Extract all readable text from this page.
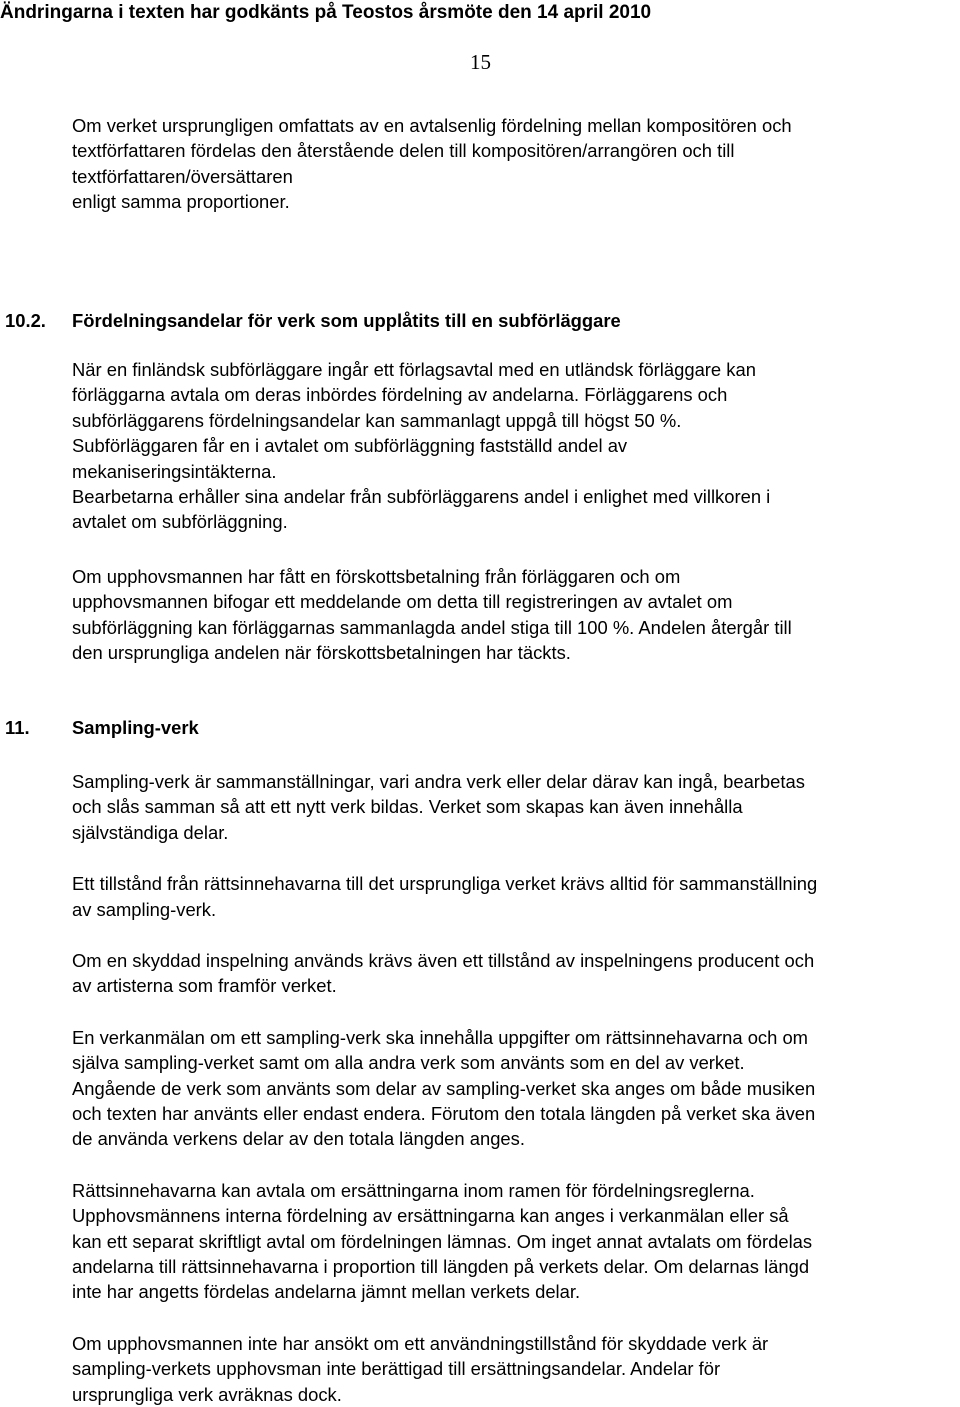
Ändringarna i texten har godkänts på Teostos årsmöte den 14 april 2010
15

Om verket ursprungligen omfattats av en avtalsenlig fördelning mellan kompositören och
textförfattaren fördelas den återstående delen till kompositören/arrangören och till
textförfattaren/översättaren
enligt samma proportioner.

10.2. Fördelningsandelar för verk som upplåtits till en subförläggare

När en finländsk subförläggare ingår ett förlagsavtal med en utländsk förläggare kan
förläggarna avtala om deras inbördes fördelning av andelarna. Förläggarens och
subförläggarens fördelningsandelar kan sammanlagt uppgå till högst 50 %.
Subförläggaren får en i avtalet om subförläggning fastställd andel av
mekaniseringsintäkterna.
Bearbetarna erhåller sina andelar från subförläggarens andel i enlighet med villkoren i
avtalet om subförläggning.

Om upphovsmannen har fått en förskottsbetalning från förläggaren och om
upphovsmannen bifogar ett meddelande om detta till registreringen av avtalet om
subförläggning kan förläggarnas sammanlagda andel stiga till 100 %. Andelen återgår till
den ursprungliga andelen när förskottsbetalningen har täckts.

11. Sampling-verk

Sampling-verk är sammanställningar, vari andra verk eller delar därav kan ingå, bearbetas
och slås samman så att ett nytt verk bildas. Verket som skapas kan även innehålla
självständiga delar.

Ett tillstånd från rättsinnehavarna till det ursprungliga verket krävs alltid för sammanställning
av sampling-verk.

Om en skyddad inspelning används krävs även ett tillstånd av inspelningens producent och
av artisterna som framför verket.

En verkanmälan om ett sampling-verk ska innehålla uppgifter om rättsinnehavarna och om
själva sampling-verket samt om alla andra verk som använts som en del av verket.
Angående de verk som använts som delar av sampling-verket ska anges om både musiken
och texten har använts eller endast endera. Förutom den totala längden på verket ska även
de använda verkens delar av den totala längden anges.

Rättsinnehavarna kan avtala om ersättningarna inom ramen för fördelningsreglerna.
Upphovsmännens interna fördelning av ersättningarna kan anges i verkanmälan eller så
kan ett separat skriftligt avtal om fördelningen lämnas. Om inget annat avtalats om fördelas
andelarna till rättsinnehavarna i proportion till längden på verkets delar. Om delarnas längd
inte har angetts fördelas andelarna jämnt mellan verkets delar.

Om upphovsmannen inte har ansökt om ett användningstillstånd för skyddade verk är
sampling-verkets upphovsman inte berättigad till ersättningsandelar. Andelar för
ursprungliga verk avräknas dock.
